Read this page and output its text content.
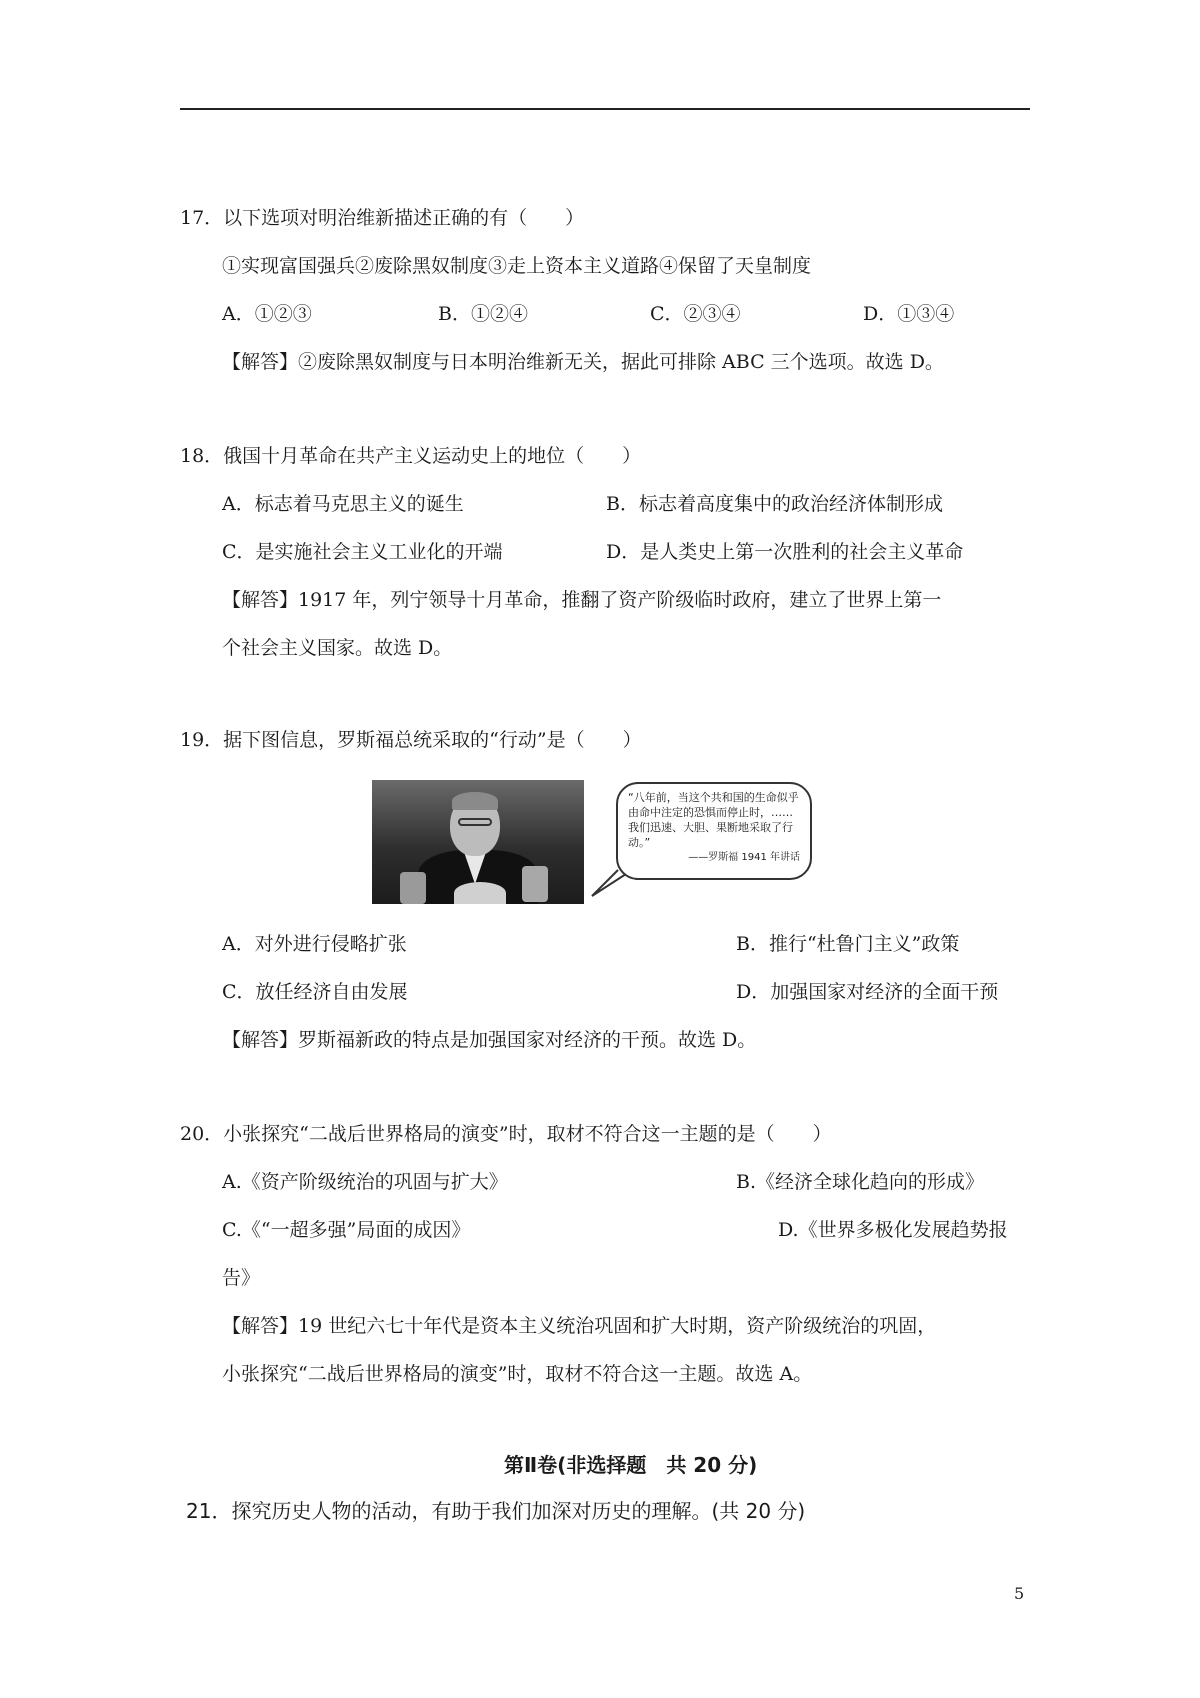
17．以下选项对明治维新描述正确的有（　　）
①实现富国强兵②废除黑奴制度③走上资本主义道路④保留了天皇制度
A．①②③	B．①②④	C．②③④	D．①③④
【解答】②废除黑奴制度与日本明治维新无关，据此可排除 ABC 三个选项。故选 D。
18．俄国十月革命在共产主义运动史上的地位（　　）
A．标志着马克思主义的诞生	B．标志着高度集中的政治经济体制形成
C．是实施社会主义工业化的开端	D．是人类史上第一次胜利的社会主义革命
【解答】1917 年，列宁领导十月革命，推翻了资产阶级临时政府，建立了世界上第一
个社会主义国家。故选 D。
19．据下图信息，罗斯福总统采取的“行动”是（　　）

“八年前，当这个共和国的生命似乎由命中注定的恐惧而停止时，……我们迅速、大胆、果断地采取了行动。”

——罗斯福 1941 年讲话

A．对外进行侵略扩张	B．推行“杜鲁门主义”政策
C．放任经济自由发展	D．加强国家对经济的全面干预
【解答】罗斯福新政的特点是加强国家对经济的干预。故选 D。
20．小张探究“二战后世界格局的演变”时，取材不符合这一主题的是（　　）
A.《资产阶级统治的巩固与扩大》	B.《经济全球化趋向的形成》
C.《“一超多强”局面的成因》	D.《世界多极化发展趋势报
告》
【解答】19 世纪六七十年代是资本主义统治巩固和扩大时期，资产阶级统治的巩固，
小张探究“二战后世界格局的演变”时，取材不符合这一主题。故选 A。
第Ⅱ卷(非选择题　共 20 分)
21．探究历史人物的活动，有助于我们加深对历史的理解。(共 20 分)
5
